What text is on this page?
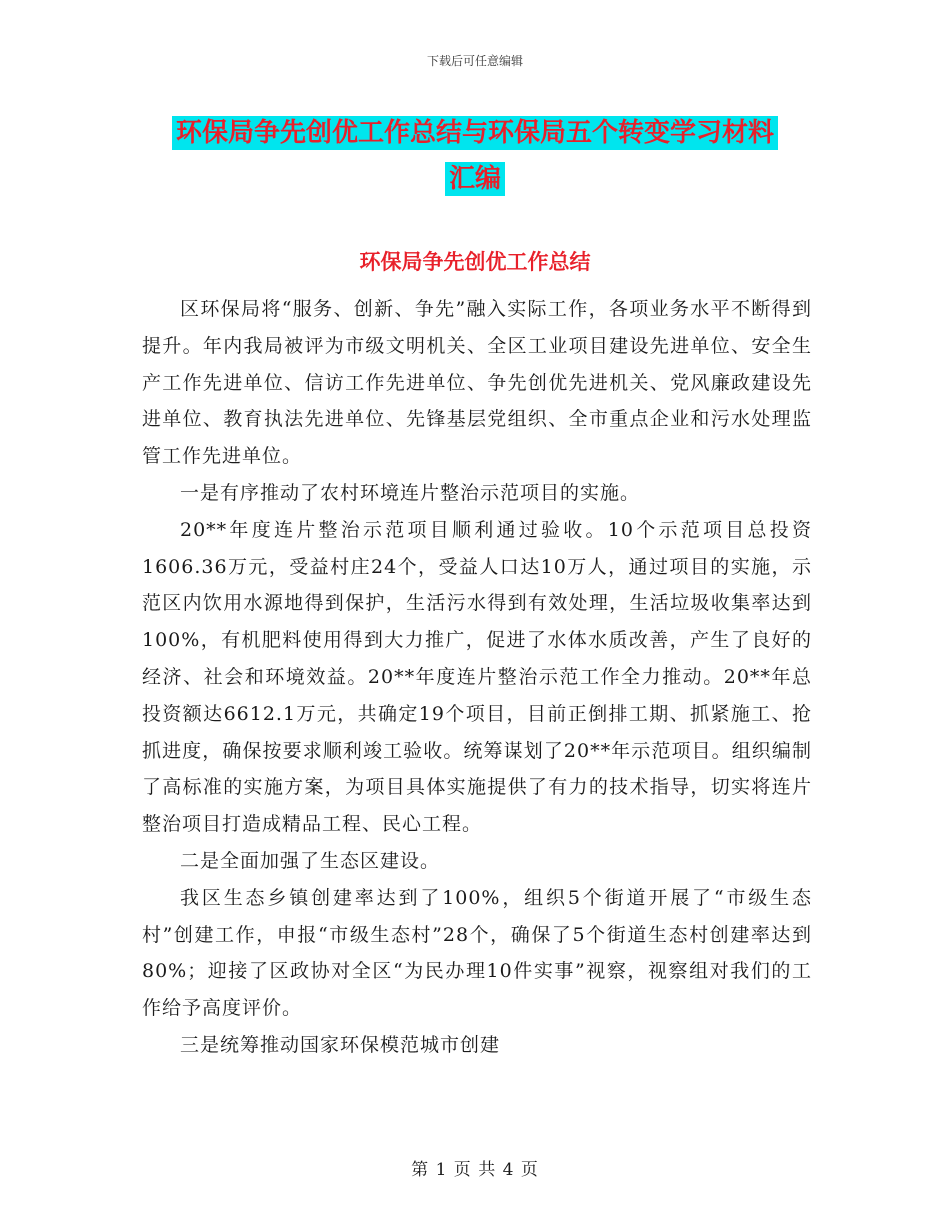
下载后可任意编辑
环保局争先创优工作总结与环保局五个转变学习材料
汇编
环保局争先创优工作总结

区环保局将“服务、创新、争先”融入实际工作，各项业务水平不断得到提升。年内我局被评为市级文明机关、全区工业项目建设先进单位、安全生产工作先进单位、信访工作先进单位、争先创优先进机关、党风廉政建设先进单位、教育执法先进单位、先锋基层党组织、全市重点企业和污水处理监管工作先进单位。

一是有序推动了农村环境连片整治示范项目的实施。

20**年度连片整治示范项目顺利通过验收。10个示范项目总投资1606.36万元，受益村庄24个，受益人口达10万人，通过项目的实施，示范区内饮用水源地得到保护，生活污水得到有效处理，生活垃圾收集率达到100%，有机肥料使用得到大力推广，促进了水体水质改善，产生了良好的经济、社会和环境效益。20**年度连片整治示范工作全力推动。20**年总投资额达6612.1万元，共确定19个项目，目前正倒排工期、抓紧施工、抢抓进度，确保按要求顺利竣工验收。统筹谋划了20**年示范项目。组织编制了高标准的实施方案，为项目具体实施提供了有力的技术指导，切实将连片整治项目打造成精品工程、民心工程。

二是全面加强了生态区建设。

我区生态乡镇创建率达到了100%，组织5个街道开展了“市级生态村”创建工作，申报“市级生态村”28个，确保了5个街道生态村创建率达到80%；迎接了区政协对全区“为民办理10件实事”视察，视察组对我们的工作给予高度评价。

三是统筹推动国家环保模范城市创建

第 1 页 共 4 页
